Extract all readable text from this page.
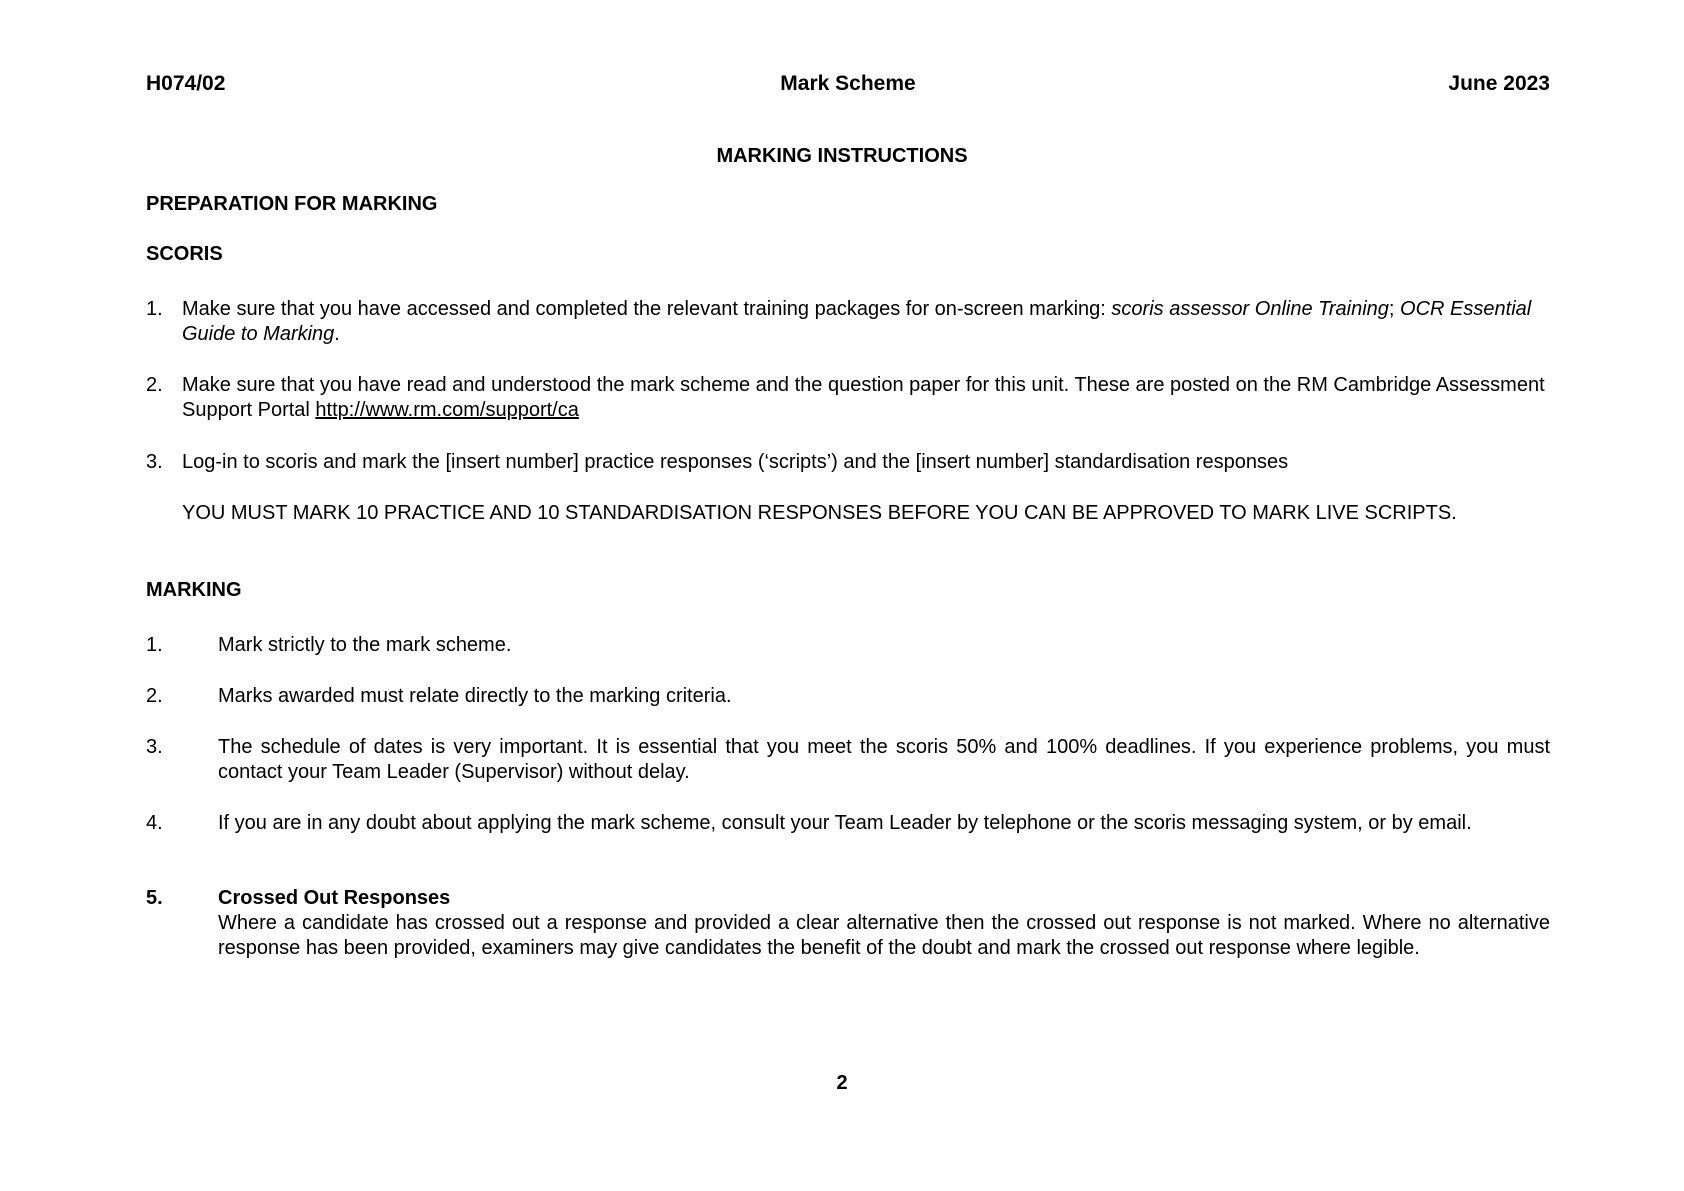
H074/02	Mark Scheme	June 2023
MARKING INSTRUCTIONS
PREPARATION FOR MARKING
SCORIS
1. Make sure that you have accessed and completed the relevant training packages for on-screen marking: scoris assessor Online Training; OCR Essential Guide to Marking.
2. Make sure that you have read and understood the mark scheme and the question paper for this unit. These are posted on the RM Cambridge Assessment Support Portal http://www.rm.com/support/ca
3. Log-in to scoris and mark the [insert number] practice responses (‘scripts’) and the [insert number] standardisation responses
YOU MUST MARK 10 PRACTICE AND 10 STANDARDISATION RESPONSES BEFORE YOU CAN BE APPROVED TO MARK LIVE SCRIPTS.
MARKING
1.	Mark strictly to the mark scheme.
2.	Marks awarded must relate directly to the marking criteria.
3.	The schedule of dates is very important. It is essential that you meet the scoris 50% and 100% deadlines. If you experience problems, you must contact your Team Leader (Supervisor) without delay.
4.	If you are in any doubt about applying the mark scheme, consult your Team Leader by telephone or the scoris messaging system, or by email.
5.	Crossed Out Responses
Where a candidate has crossed out a response and provided a clear alternative then the crossed out response is not marked. Where no alternative response has been provided, examiners may give candidates the benefit of the doubt and mark the crossed out response where legible.
2
